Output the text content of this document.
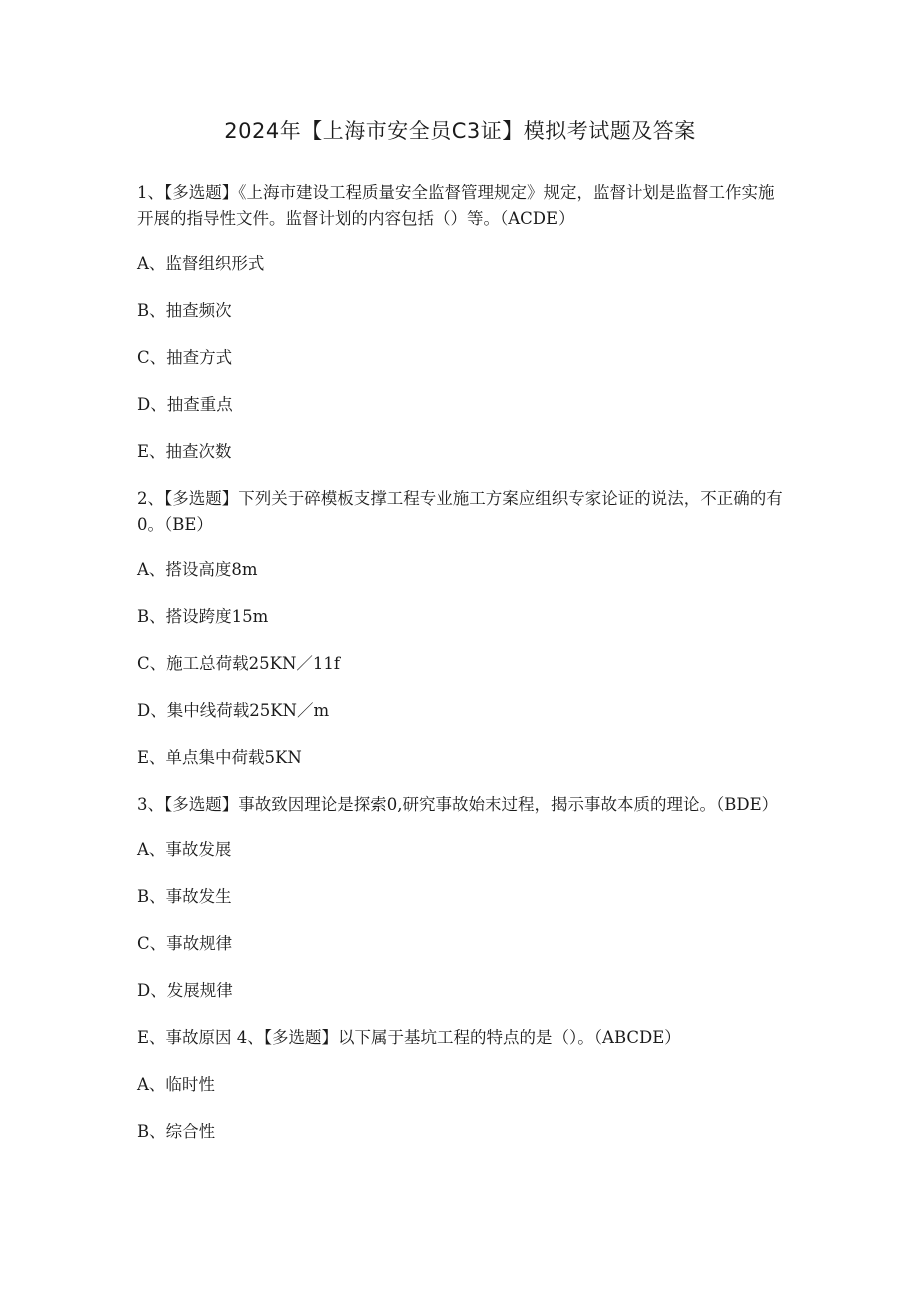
2024年【上海市安全员C3证】模拟考试题及答案
1、【多选题】《上海市建设工程质量安全监督管理规定》规定，监督计划是监督工作实施开展的指导性文件。监督计划的内容包括（）等。（ACDE）
A、监督组织形式
B、抽查频次
C、抽查方式
D、抽查重点
E、抽查次数
2、【多选题】下列关于碎模板支撑工程专业施工方案应组织专家论证的说法，不正确的有0。（BE）
A、搭设高度8m
B、搭设跨度15m
C、施工总荷载25KN／11f
D、集中线荷载25KN／m
E、单点集中荷载5KN
3、【多选题】事故致因理论是探索0,研究事故始末过程，揭示事故本质的理论。（BDE）
A、事故发展
B、事故发生
C、事故规律
D、发展规律
E、事故原因 4、【多选题】以下属于基坑工程的特点的是（）。（ABCDE）
A、临时性
B、综合性
